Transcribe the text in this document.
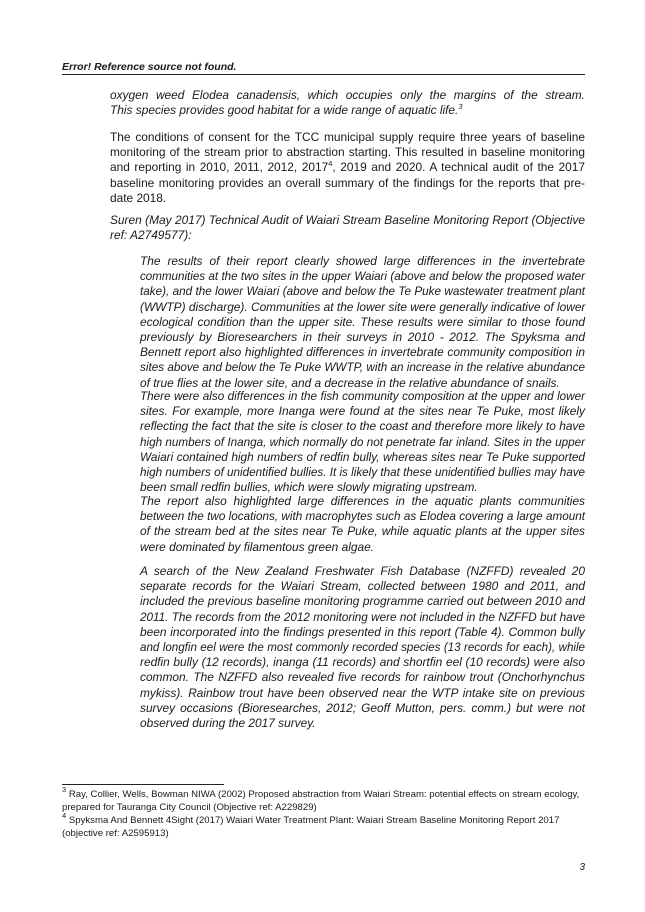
Error! Reference source not found.

oxygen weed Elodea canadensis, which occupies only the margins of the stream.
This species provides good habitat for a wide range of aquatic life.$^3$

The conditions of consent for the TCC municipal supply require three years of baseline
monitoring of the stream prior to abstraction starting. This resulted in baseline monitoring
and reporting in 2010, 2011, 2012, 2017$^4$, 2019 and 2020. A technical audit of the 2017
baseline monitoring provides an overall summary of the findings for the reports that pre-
date 2018.

Suren (May 2017) Technical Audit of Waiari Stream Baseline Monitoring Report (Objective
ref: A2749577):

The results of their report clearly showed large differences in the invertebrate
communities at the two sites in the upper Waiari (above and below the proposed water
take), and the lower Waiari (above and below the Te Puke wastewater treatment plant
(WWTP) discharge). Communities at the lower site were generally indicative of lower
ecological condition than the upper site. These results were similar to those found
previously by Bioresearchers in their surveys in 2010 - 2012. The Spyksma and
Bennett report also highlighted differences in invertebrate community composition in
sites above and below the Te Puke WWTP, with an increase in the relative abundance
of true flies at the lower site, and a decrease in the relative abundance of snails.

There were also differences in the fish community composition at the upper and lower
sites. For example, more Inanga were found at the sites near Te Puke, most likely
reflecting the fact that the site is closer to the coast and therefore more likely to have
high numbers of Inanga, which normally do not penetrate far inland. Sites in the upper
Waiari contained high numbers of redfin bully, whereas sites near Te Puke supported
high numbers of unidentified bullies. It is likely that these unidentified bullies may have
been small redfin bullies, which were slowly migrating upstream.

The report also highlighted large differences in the aquatic plants communities
between the two locations, with macrophytes such as Elodea covering a large amount
of the stream bed at the sites near Te Puke, while aquatic plants at the upper sites
were dominated by filamentous green algae.

A search of the New Zealand Freshwater Fish Database (NZFFD) revealed 20
separate records for the Waiari Stream, collected between 1980 and 2011, and
included the previous baseline monitoring programme carried out between 2010 and
2011. The records from the 2012 monitoring were not included in the NZFFD but have
been incorporated into the findings presented in this report (Table 4). Common bully
and longfin eel were the most commonly recorded species (13 records for each), while
redfin bully (12 records), inanga (11 records) and shortfin eel (10 records) were also
common. The NZFFD also revealed five records for rainbow trout (Onchorhynchus
mykiss). Rainbow trout have been observed near the WTP intake site on previous
survey occasions (Bioresearches, 2012; Geoff Mutton, pers. comm.) but were not
observed during the 2017 survey.

$^3$ Ray, Collier, Wells, Bowman NIWA (2002) Proposed abstraction from Waiari Stream: potential effects on stream ecology,
prepared for Tauranga City Council (Objective ref: A229829)

$^4$ Spyksma And Bennett 4Sight (2017) Waiari Water Treatment Plant: Waiari Stream Baseline Monitoring Report 2017
(objective ref: A2595913)

3
